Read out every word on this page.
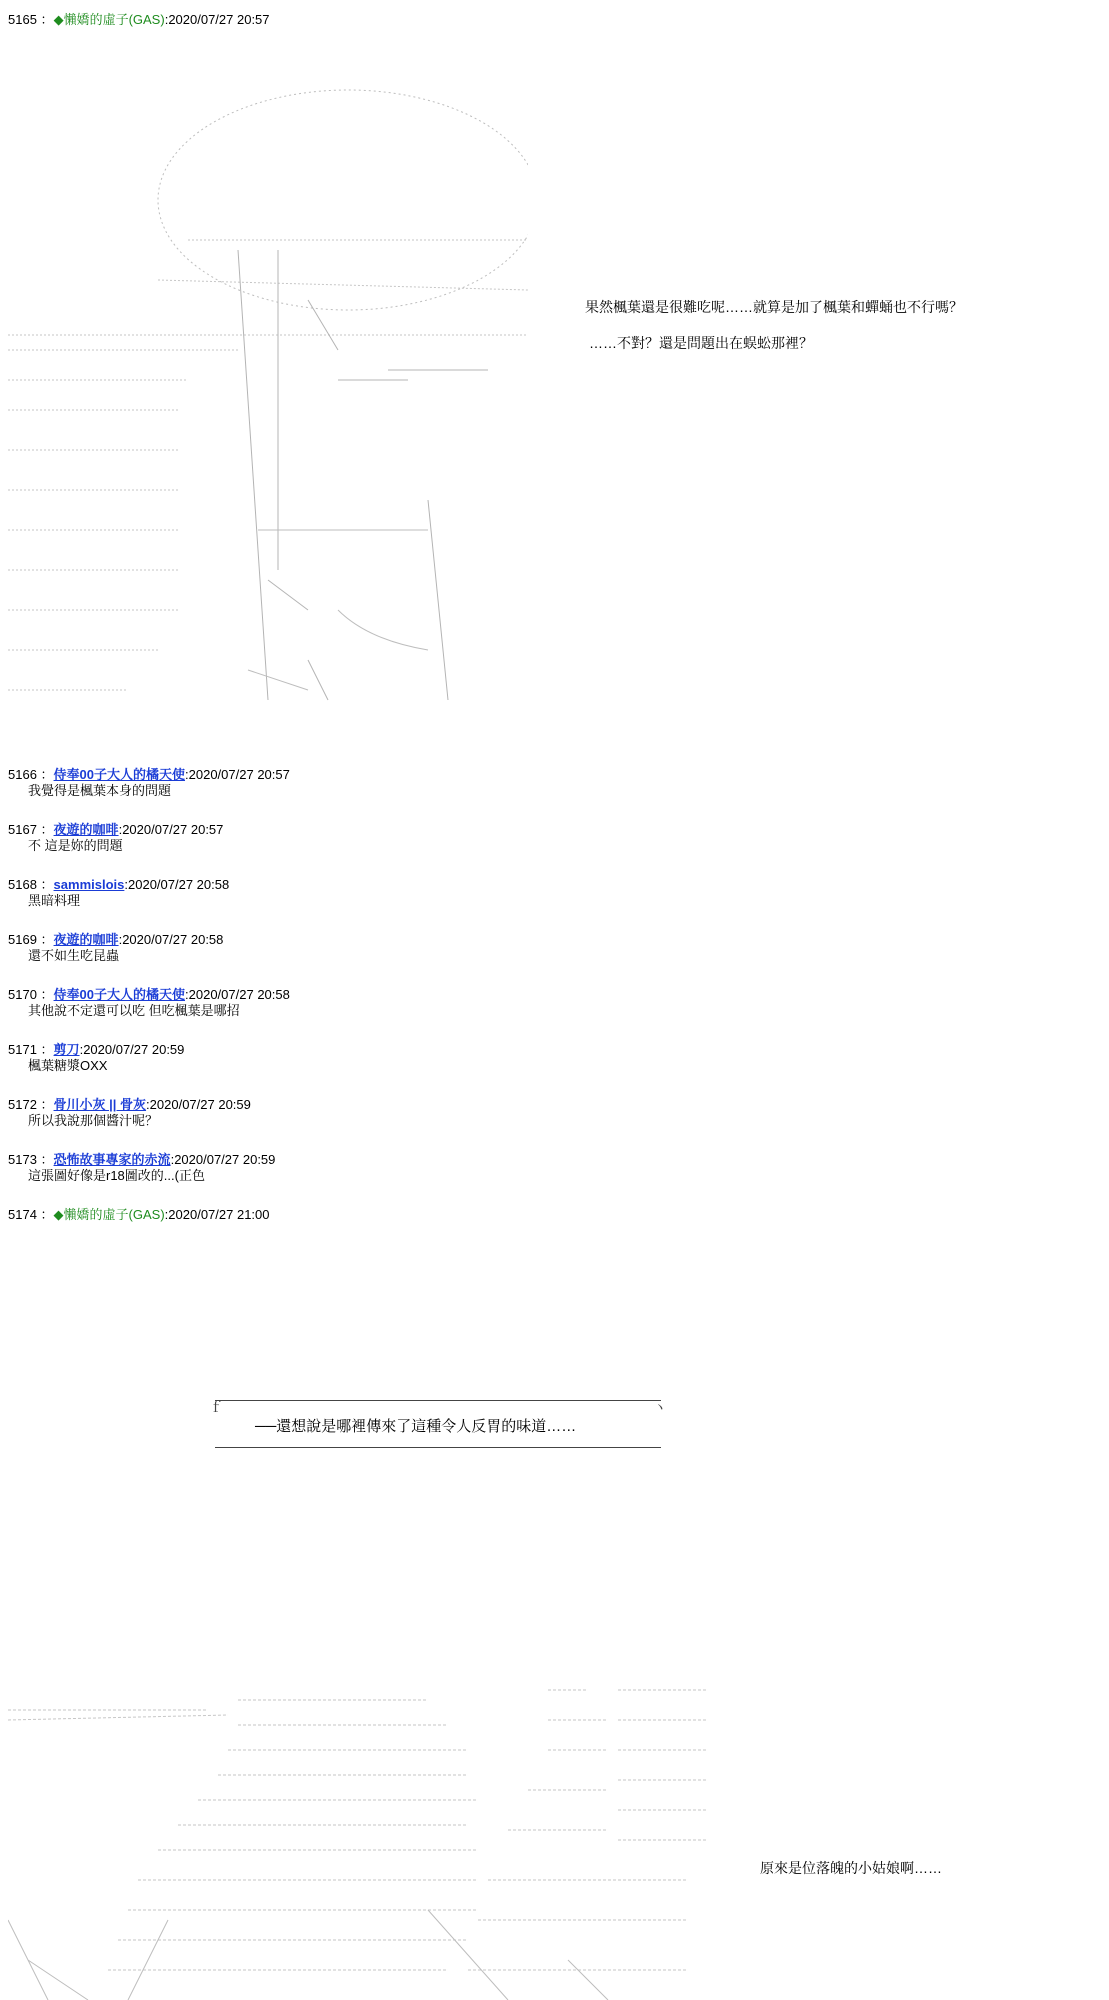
5165 ：◆懶嬌的虛子(GAS):2020/07/27 20:57
果然楓葉還是很難吃呢……就算是加了楓葉和蟬蛹也不行嗎？
……不對？還是問題出在蜈蚣那裡？
5166 ：侍奉00子大人的橘天使:2020/07/27 20:57
我覺得是楓葉本身的問題
5167 ：夜遊的咖啡:2020/07/27 20:57
不 這是妳的問題
5168 ：sammislois:2020/07/27 20:58
黑暗料理
5169 ：夜遊的咖啡:2020/07/27 20:58
還不如生吃昆蟲
5170 ：侍奉00子大人的橘天使:2020/07/27 20:58
其他說不定還可以吃 但吃楓葉是哪招
5171 ：剪刀:2020/07/27 20:59
楓葉糖漿OXX
5172 ：骨川小灰 || 骨灰:2020/07/27 20:59
所以我說那個醬汁呢？
5173 ：恐怖故事專家的赤流:2020/07/27 20:59
這張圖好像是r18圖改的...(正色
5174 ：◆懶嬌的虛子(GAS):2020/07/27 21:00
ｆ	ヽ
──還想說是哪裡傳來了這種令人反胃的味道……

原來是位落魄的小姑娘啊……
